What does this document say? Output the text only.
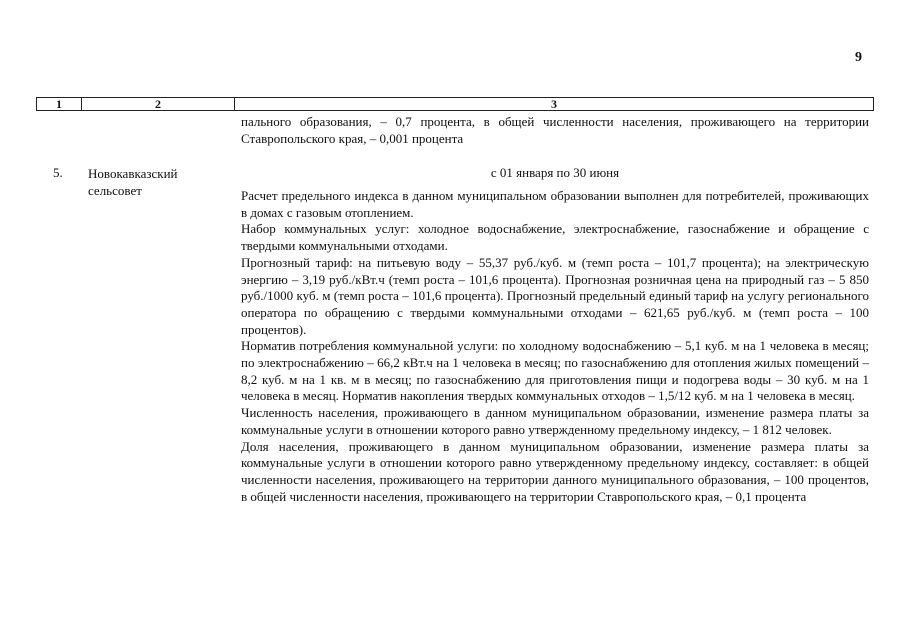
9
1	2	3

пального образования, – 0,7 процента, в общей численности населения, проживающего на территории Ставропольского края, – 0,001 процента

5. Новокавказский сельсовет
с 01 января по 30 июня

Расчет предельного индекса в данном муниципальном образовании выполнен для потребителей, проживающих в домах с газовым отоплением.

Набор коммунальных услуг: холодное водоснабжение, электроснабжение, газоснабжение и обращение с твердыми коммунальными отходами.

Прогнозный тариф: на питьевую воду – 55,37 руб./куб. м (темп роста – 101,7 процента); на электрическую энергию – 3,19 руб./кВт.ч (темп роста – 101,6 процента). Прогнозная розничная цена на природный газ – 5 850 руб./1000 куб. м (темп роста – 101,6 процента). Прогнозный предельный единый тариф на услугу регионального оператора по обращению с твердыми коммунальными отходами – 621,65 руб./куб. м (темп роста – 100 процентов).

Норматив потребления коммунальной услуги: по холодному водоснабжению – 5,1 куб. м на 1 человека в месяц; по электроснабжению – 66,2 кВт.ч на 1 человека в месяц; по газоснабжению для отопления жилых помещений – 8,2 куб. м на 1 кв. м в месяц; по газоснабжению для приготовления пищи и подогрева воды – 30 куб. м на 1 человека в месяц. Норматив накопления твердых коммунальных отходов – 1,5/12 куб. м на 1 человека в месяц.

Численность населения, проживающего в данном муниципальном образовании, изменение размера платы за коммунальные услуги в отношении которого равно утвержденному предельному индексу, – 1 812 человек.

Доля населения, проживающего в данном муниципальном образовании, изменение размера платы за коммунальные услуги в отношении которого равно утвержденному предельному индексу, составляет: в общей численности населения, проживающего на территории данного муниципального образования, – 100 процентов, в общей численности населения, проживающего на территории Ставропольского края, – 0,1 процента
